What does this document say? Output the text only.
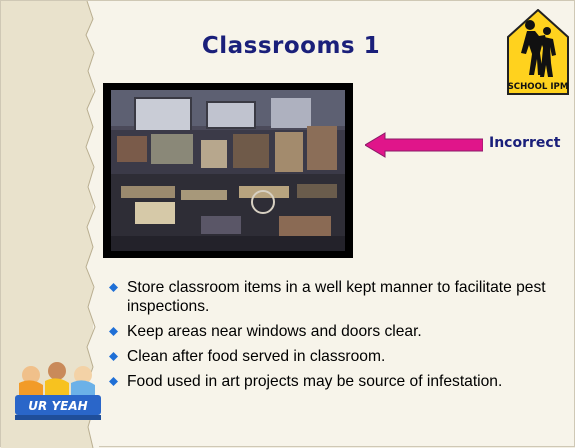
Classrooms 1
SCHOOL IPM
Incorrect
Store classroom items in a well kept manner to facilitate pest inspections.
Keep areas near windows and doors clear.
Clean after food served in classroom.
Food used in art projects may be source of infestation.
UR YEAH
